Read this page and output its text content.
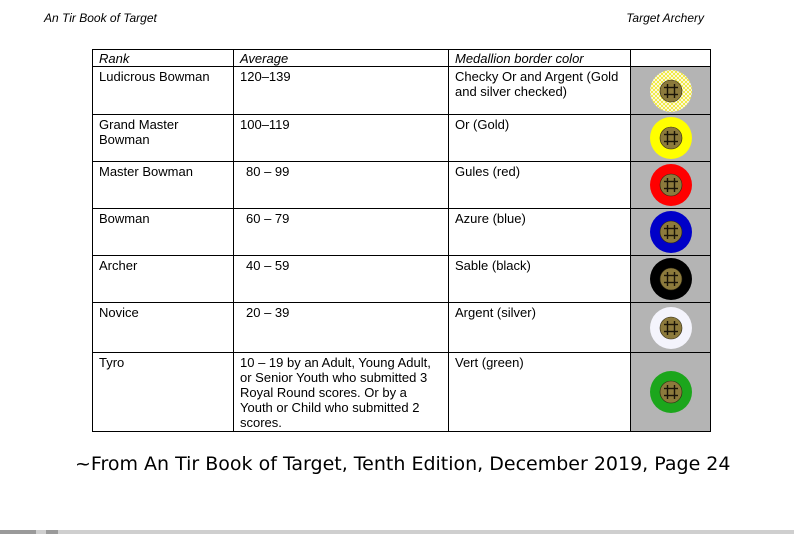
An Tir Book of Target	Target Archery
Rank	Average	Medallion border color	
Ludicrous Bowman	120–139	Checky Or and Argent (Gold and silver checked)	

Grand Master Bowman	100–119	Or (Gold)	

Master Bowman	80 – 99	Gules (red)	

Bowman	60 – 79	Azure (blue)	

Archer	40 – 59	Sable (black)	

Novice	20 – 39	Argent (silver)	

Tyro	10 – 19 by an Adult, Young Adult, or Senior Youth who submitted 3 Royal Round scores. Or by a Youth or Child who submitted 2 scores.	Vert (green)	
~From An Tir Book of Target, Tenth Edition, December 2019, Page 24
